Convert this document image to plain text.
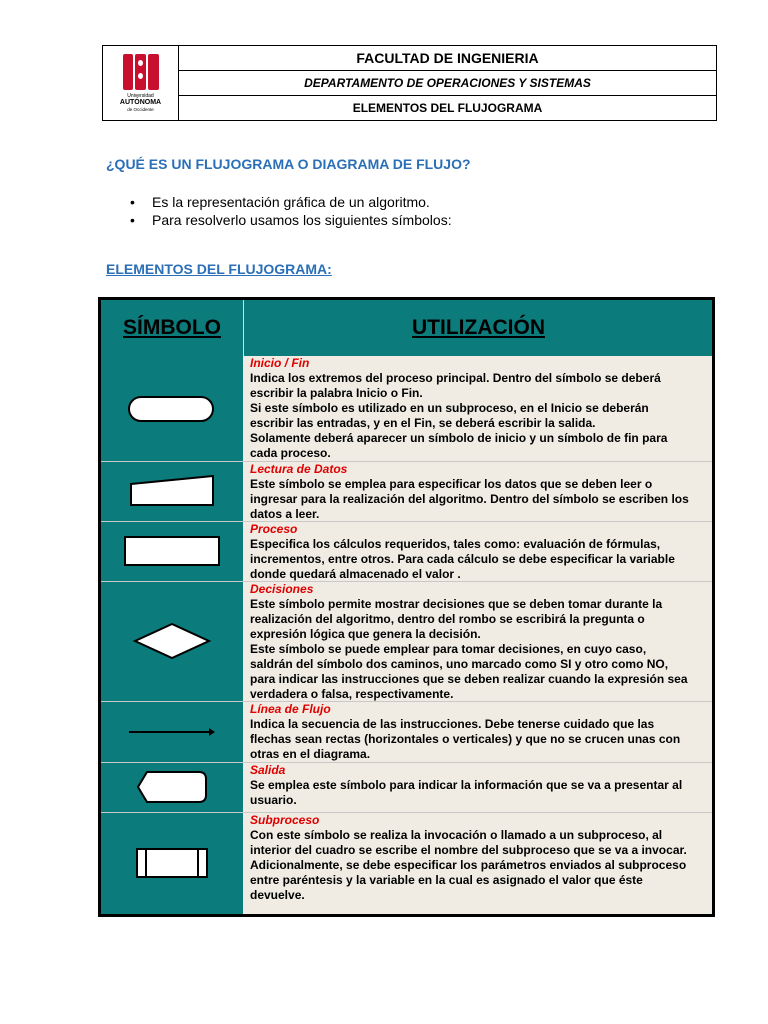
Universidad
AUTÓNOMA
de Occidente
FACULTAD DE INGENIERIA
DEPARTAMENTO DE OPERACIONES Y SISTEMAS
ELEMENTOS DEL FLUJOGRAMA
¿QUÉ ES UN FLUJOGRAMA O DIAGRAMA DE FLUJO?
• Es la representación gráfica de un algoritmo.
• Para resolverlo usamos los siguientes símbolos:
ELEMENTOS DEL FLUJOGRAMA:
SÍMBOLO	UTILIZACIÓN
Inicio / Fin
Indica los extremos del proceso principal. Dentro del símbolo se deberá
escribir la palabra Inicio o Fin.
Si este símbolo es utilizado en un subproceso, en el Inicio se deberán
escribir las entradas, y en el Fin, se deberá escribir la salida.
Solamente deberá aparecer un símbolo de inicio y un símbolo de fin para
cada proceso.
Lectura de Datos
Este símbolo se emplea para especificar los datos que se deben leer o
ingresar para la realización del algoritmo. Dentro del símbolo se escriben los
datos a leer.
Proceso
Especifica los cálculos requeridos, tales como: evaluación de fórmulas,
incrementos, entre otros. Para cada cálculo se debe especificar la variable
donde quedará almacenado el valor .
Decisiones
Este símbolo permite mostrar decisiones que se deben tomar durante la
realización del algoritmo, dentro del rombo se escribirá la pregunta o
expresión lógica que genera la decisión.
Este símbolo se puede emplear para tomar decisiones, en cuyo caso,
saldrán del símbolo dos caminos, uno marcado como SI y otro como NO,
para indicar las instrucciones que se deben realizar cuando la expresión sea
verdadera o falsa, respectivamente.
Línea de Flujo
Indica la secuencia de las instrucciones. Debe tenerse cuidado que las
flechas sean rectas (horizontales o verticales) y que no se crucen unas con
otras en el diagrama.
Salida
Se emplea este símbolo para indicar la información que se va a presentar al
usuario.
Subproceso
Con este símbolo se realiza la invocación o llamado a un subproceso, al
interior del cuadro se escribe el nombre del subproceso que se va a invocar.
Adicionalmente, se debe especificar los parámetros enviados al subproceso
entre paréntesis y la variable en la cual es asignado el valor que éste
devuelve.
